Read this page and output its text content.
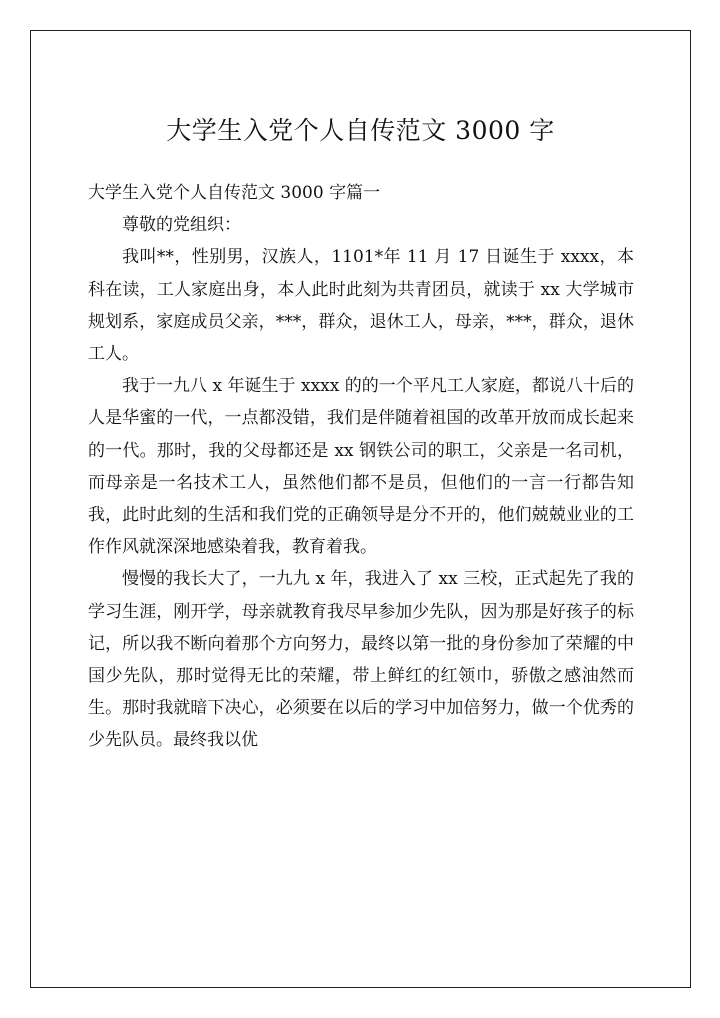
大学生入党个人自传范文 3000 字

大学生入党个人自传范文 3000 字篇一

尊敬的党组织：

我叫**，性别男，汉族人，1101*年 11 月 17 日诞生于 xxxx，本科在读，工人家庭出身，本人此时此刻为共青团员，就读于 xx 大学城市规划系，家庭成员父亲，***，群众，退休工人，母亲，***，群众，退休工人。

我于一九八 x 年诞生于 xxxx 的的一个平凡工人家庭，都说八十后的人是华蜜的一代，一点都没错，我们是伴随着祖国的改革开放而成长起来的一代。那时，我的父母都还是 xx 钢铁公司的职工，父亲是一名司机，而母亲是一名技术工人，虽然他们都不是员，但他们的一言一行都告知我，此时此刻的生活和我们党的正确领导是分不开的，他们兢兢业业的工作作风就深深地感染着我，教育着我。

慢慢的我长大了，一九九 x 年，我进入了 xx 三校，正式起先了我的学习生涯，刚开学，母亲就教育我尽早参加少先队，因为那是好孩子的标记，所以我不断向着那个方向努力，最终以第一批的身份参加了荣耀的中国少先队，那时觉得无比的荣耀，带上鲜红的红领巾，骄傲之感油然而生。那时我就暗下决心，必须要在以后的学习中加倍努力，做一个优秀的少先队员。最终我以优
